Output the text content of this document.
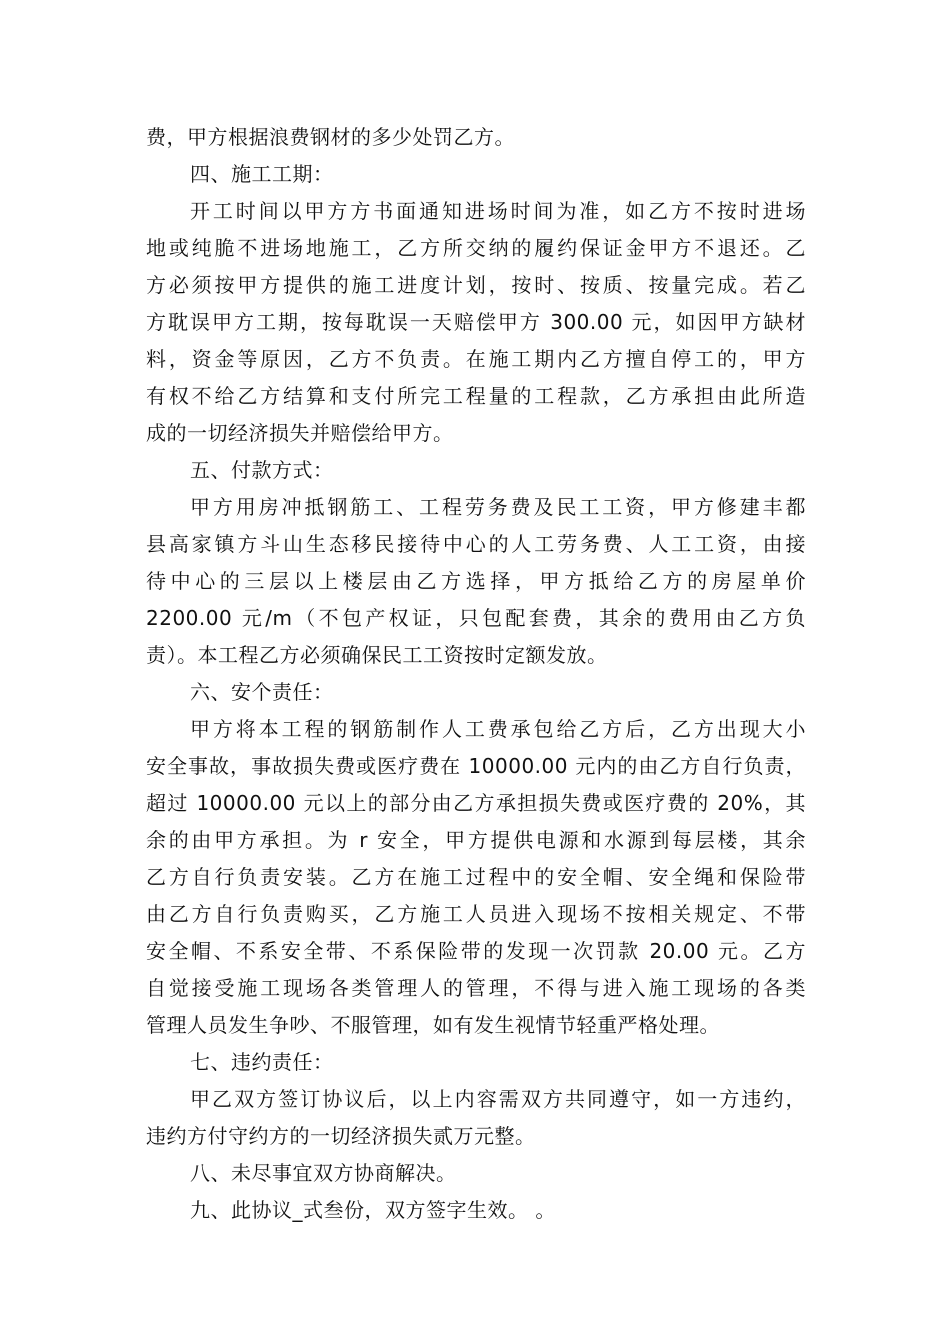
费，甲方根据浪费钢材的多少处罚乙方。
四、施工工期：
开工时间以甲方方书面通知进场时间为准，如乙方不按时进场
地或纯脆不进场地施工，乙方所交纳的履约保证金甲方不退还。乙
方必须按甲方提供的施工进度计划，按时、按质、按量完成。若乙
方耽误甲方工期，按每耽误一天赔偿甲方 300.00 元，如因甲方缺材
料，资金等原因，乙方不负责。在施工期内乙方擅自停工的，甲方
有权不给乙方结算和支付所完工程量的工程款，乙方承担由此所造
成的一切经济损失并赔偿给甲方。
五、付款方式：
甲方用房冲抵钢筋工、工程劳务费及民工工资，甲方修建丰都
县高家镇方斗山生态移民接待中心的人工劳务费、人工工资，由接
待中心的三层以上楼层由乙方选择，甲方抵给乙方的房屋单价
2200.00 元/m（不包产权证，只包配套费，其余的费用由乙方负
责）。本工程乙方必须确保民工工资按时定额发放。
六、安个责任：
甲方将本工程的钢筋制作人工费承包给乙方后，乙方出现大小
安全事故，事故损失费或医疗费在 10000.00 元内的由乙方自行负责，
超过 10000.00 元以上的部分由乙方承担损失费或医疗费的 20%，其
余的由甲方承担。为 r 安全，甲方提供电源和水源到每层楼，其余
乙方自行负责安装。乙方在施工过程中的安全帽、安全绳和保险带
由乙方自行负责购买，乙方施工人员进入现场不按相关规定、不带
安全帽、不系安全带、不系保险带的发现一次罚款 20.00 元。乙方
自觉接受施工现场各类管理人的管理，不得与进入施工现场的各类
管理人员发生争吵、不服管理，如有发生视情节轻重严格处理。
七、违约责任：
甲乙双方签订协议后，以上内容需双方共同遵守，如一方违约，
违约方付守约方的一切经济损失贰万元整。
八、未尽事宜双方协商解决。
九、此协议_式叁份，双方签字生效。 。
